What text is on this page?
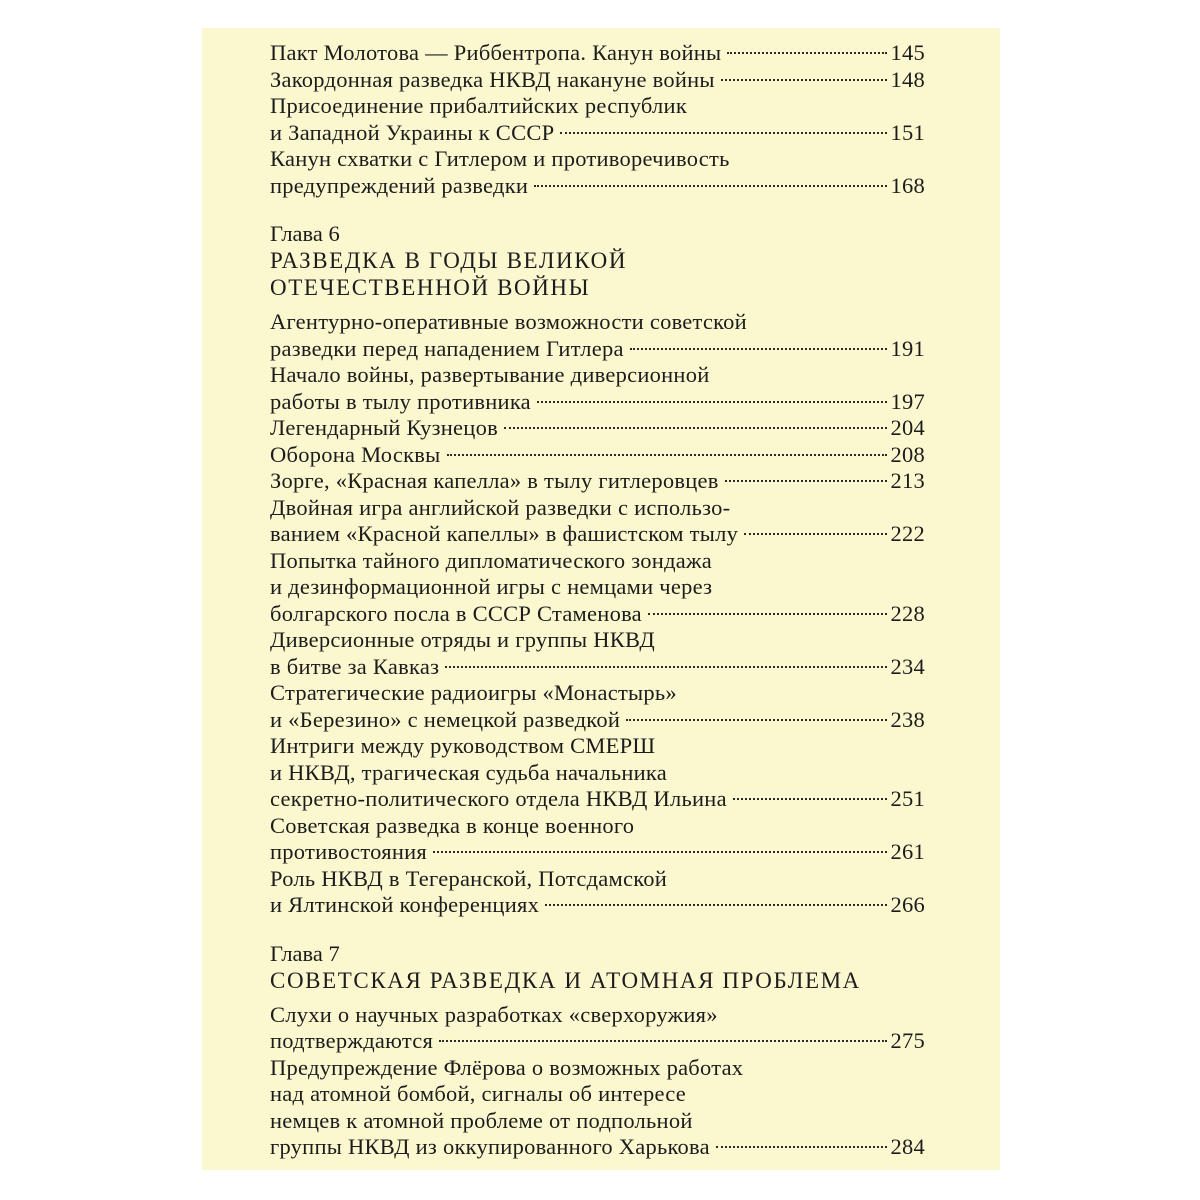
Пакт Молотова — Риббентропа. Канун войны	145
Закордонная разведка НКВД накануне войны	148
Присоединение прибалтийских республик
и Западной Украины к СССР	151
Канун схватки с Гитлером и противоречивость
предупреждений разведки	168
Глава 6
РАЗВЕДКА В ГОДЫ ВЕЛИКОЙ
ОТЕЧЕСТВЕННОЙ ВОЙНЫ
Агентурно-оперативные возможности советской
разведки перед нападением Гитлера	191
Начало войны, развертывание диверсионной
работы в тылу противника	197
Легендарный Кузнецов	204
Оборона Москвы	208
Зорге, «Красная капелла» в тылу гитлеровцев	213
Двойная игра английской разведки с использо-
ванием «Красной капеллы» в фашистском тылу	222
Попытка тайного дипломатического зондажа
и дезинформационной игры с немцами через
болгарского посла в СССР Стаменова	228
Диверсионные отряды и группы НКВД
в битве за Кавказ	234
Стратегические радиоигры «Монастырь»
и «Березино» с немецкой разведкой	238
Интриги между руководством СМЕРШ
и НКВД, трагическая судьба начальника
секретно-политического отдела НКВД Ильина	251
Советская разведка в конце военного
противостояния	261
Роль НКВД в Тегеранской, Потсдамской
и Ялтинской конференциях	266
Глава 7
СОВЕТСКАЯ РАЗВЕДКА И АТОМНАЯ ПРОБЛЕМА
Слухи о научных разработках «сверхоружия»
подтверждаются	275
Предупреждение Флёрова о возможных работах
над атомной бомбой, сигналы об интересе
немцев к атомной проблеме от подпольной
группы НКВД из оккупированного Харькова	284
